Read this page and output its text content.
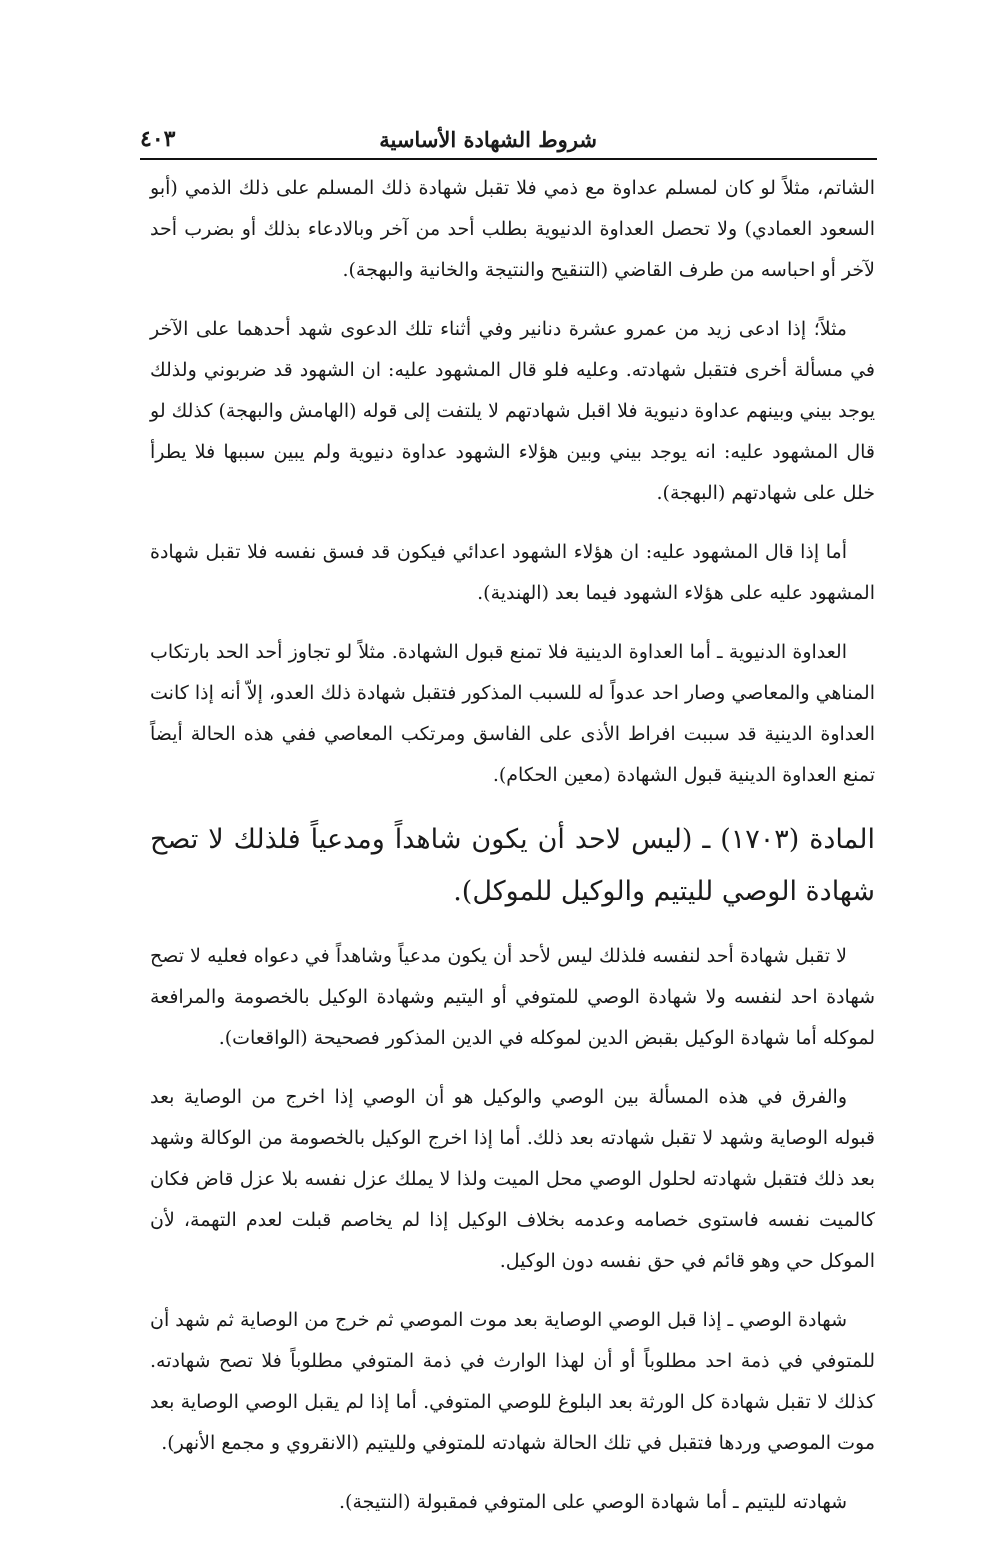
شروط الشهادة الأساسية
٤٠٣

الشاتم، مثلاً لو كان لمسلم عداوة مع ذمي فلا تقبل شهادة ذلك المسلم على ذلك الذمي (أبو السعود العمادي) ولا تحصل العداوة الدنيوية بطلب أحد من آخر وبالادعاء بذلك أو بضرب أحد لآخر أو احباسه من طرف القاضي (التنقيح والنتيجة والخانية والبهجة).

مثلاً؛ إذا ادعى زيد من عمرو عشرة دنانير وفي أثناء تلك الدعوى شهد أحدهما على الآخر في مسألة أخرى فتقبل شهادته. وعليه فلو قال المشهود عليه: ان الشهود قد ضربوني ولذلك يوجد بيني وبينهم عداوة دنيوية فلا اقبل شهادتهم لا يلتفت إلى قوله (الهامش والبهجة) كذلك لو قال المشهود عليه: انه يوجد بيني وبين هؤلاء الشهود عداوة دنيوية ولم يبين سببها فلا يطرأ خلل على شهادتهم (البهجة).

أما إذا قال المشهود عليه: ان هؤلاء الشهود اعدائي فيكون قد فسق نفسه فلا تقبل شهادة المشهود عليه على هؤلاء الشهود فيما بعد (الهندية).

العداوة الدنيوية ـ أما العداوة الدينية فلا تمنع قبول الشهادة. مثلاً لو تجاوز أحد الحد بارتكاب المناهي والمعاصي وصار احد عدواً له للسبب المذكور فتقبل شهادة ذلك العدو، إلاّ أنه إذا كانت العداوة الدينية قد سببت افراط الأذى على الفاسق ومرتكب المعاصي ففي هذه الحالة أيضاً تمنع العداوة الدينية قبول الشهادة (معين الحكام).

المادة (١٧٠٣) ـ (ليس لاحد أن يكون شاهداً ومدعياً فلذلك لا تصح شهادة الوصي لليتيم والوكيل للموكل).

لا تقبل شهادة أحد لنفسه فلذلك ليس لأحد أن يكون مدعياً وشاهداً في دعواه فعليه لا تصح شهادة احد لنفسه ولا شهادة الوصي للمتوفي أو اليتيم وشهادة الوكيل بالخصومة والمرافعة لموكله أما شهادة الوكيل بقبض الدين لموكله في الدين المذكور فصحيحة (الواقعات).

والفرق في هذه المسألة بين الوصي والوكيل هو أن الوصي إذا اخرج من الوصاية بعد قبوله الوصاية وشهد لا تقبل شهادته بعد ذلك. أما إذا اخرج الوكيل بالخصومة من الوكالة وشهد بعد ذلك فتقبل شهادته لحلول الوصي محل الميت ولذا لا يملك عزل نفسه بلا عزل قاض فكان كالميت نفسه فاستوى خصامه وعدمه بخلاف الوكيل إذا لم يخاصم قبلت لعدم التهمة، لأن الموكل حي وهو قائم في حق نفسه دون الوكيل.

شهادة الوصي ـ إذا قبل الوصي الوصاية بعد موت الموصي ثم خرج من الوصاية ثم شهد أن للمتوفي في ذمة احد مطلوباً أو أن لهذا الوارث في ذمة المتوفي مطلوباً فلا تصح شهادته. كذلك لا تقبل شهادة كل الورثة بعد البلوغ للوصي المتوفي. أما إذا لم يقبل الوصي الوصاية بعد موت الموصي وردها فتقبل في تلك الحالة شهادته للمتوفي ولليتيم (الانقروي و مجمع الأنهر).

شهادته لليتيم ـ أما شهادة الوصي على المتوفي فمقبولة (النتيجة).
